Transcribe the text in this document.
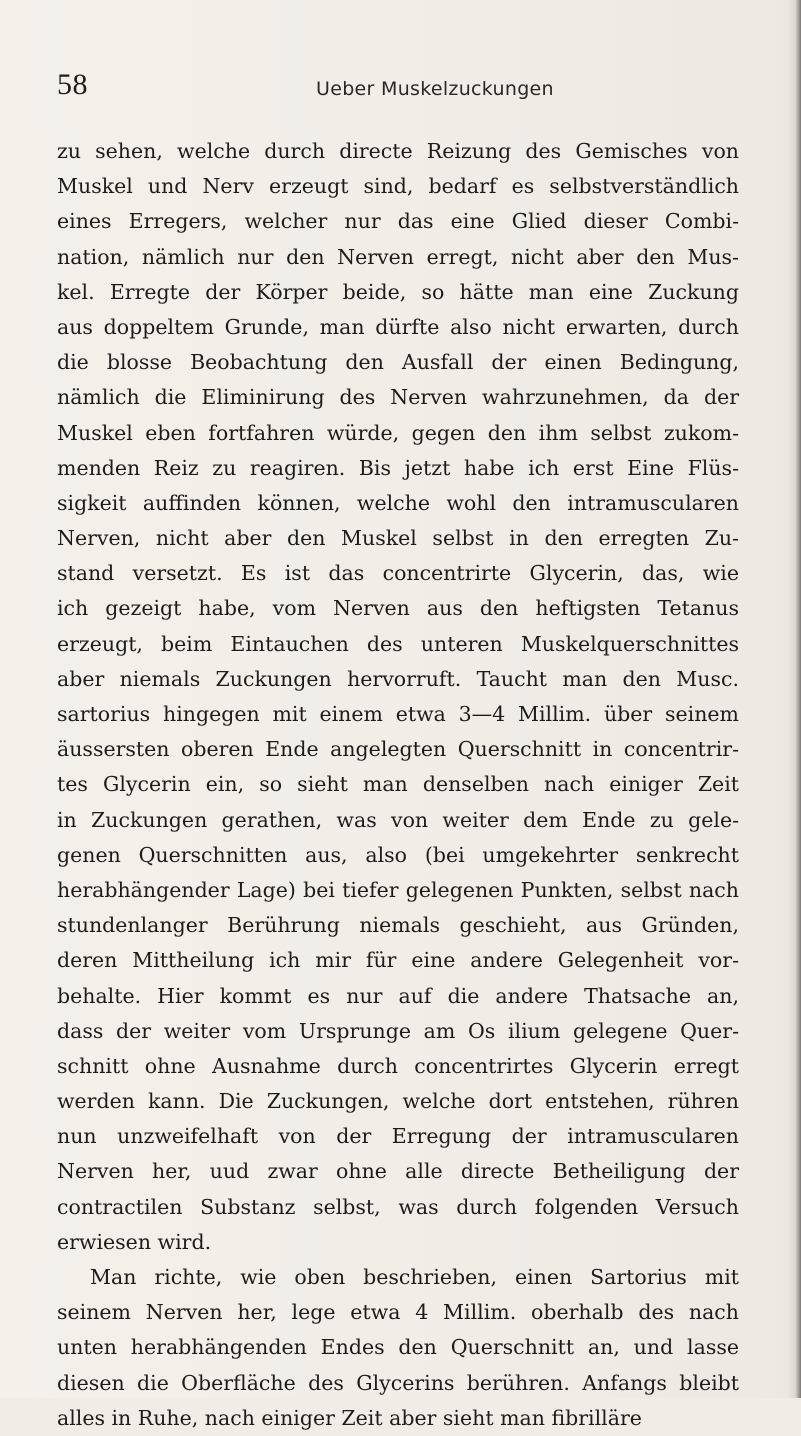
58	Ueber Muskelzuckungen
zu sehen, welche durch directe Reizung des Gemisches von
Muskel und Nerv erzeugt sind, bedarf es selbstverständlich
eines Erregers, welcher nur das eine Glied dieser Combi-
nation, nämlich nur den Nerven erregt, nicht aber den Mus-
kel. Erregte der Körper beide, so hätte man eine Zuckung
aus doppeltem Grunde, man dürfte also nicht erwarten, durch
die blosse Beobachtung den Ausfall der einen Bedingung,
nämlich die Eliminirung des Nerven wahrzunehmen, da der
Muskel eben fortfahren würde, gegen den ihm selbst zukom-
menden Reiz zu reagiren. Bis jetzt habe ich erst Eine Flüs-
sigkeit auffinden können, welche wohl den intramuscularen
Nerven, nicht aber den Muskel selbst in den erregten Zu-
stand versetzt. Es ist das concentrirte Glycerin, das, wie
ich gezeigt habe, vom Nerven aus den heftigsten Tetanus
erzeugt, beim Eintauchen des unteren Muskelquerschnittes
aber niemals Zuckungen hervorruft. Taucht man den Musc.
sartorius hingegen mit einem etwa 3—4 Millim. über seinem
äussersten oberen Ende angelegten Querschnitt in concentrir-
tes Glycerin ein, so sieht man denselben nach einiger Zeit
in Zuckungen gerathen, was von weiter dem Ende zu gele-
genen Querschnitten aus, also (bei umgekehrter senkrecht
herabhängender Lage) bei tiefer gelegenen Punkten, selbst nach
stundenlanger Berührung niemals geschieht, aus Gründen,
deren Mittheilung ich mir für eine andere Gelegenheit vor-
behalte. Hier kommt es nur auf die andere Thatsache an,
dass der weiter vom Ursprunge am Os ilium gelegene Quer-
schnitt ohne Ausnahme durch concentrirtes Glycerin erregt
werden kann. Die Zuckungen, welche dort entstehen, rühren
nun unzweifelhaft von der Erregung der intramuscularen
Nerven her, uud zwar ohne alle directe Betheiligung der
contractilen Substanz selbst, was durch folgenden Versuch
erwiesen wird.
Man richte, wie oben beschrieben, einen Sartorius mit
seinem Nerven her, lege etwa 4 Millim. oberhalb des nach
unten herabhängenden Endes den Querschnitt an, und lasse
diesen die Oberfläche des Glycerins berühren. Anfangs bleibt
alles in Ruhe, nach einiger Zeit aber sieht man fibrilläre
